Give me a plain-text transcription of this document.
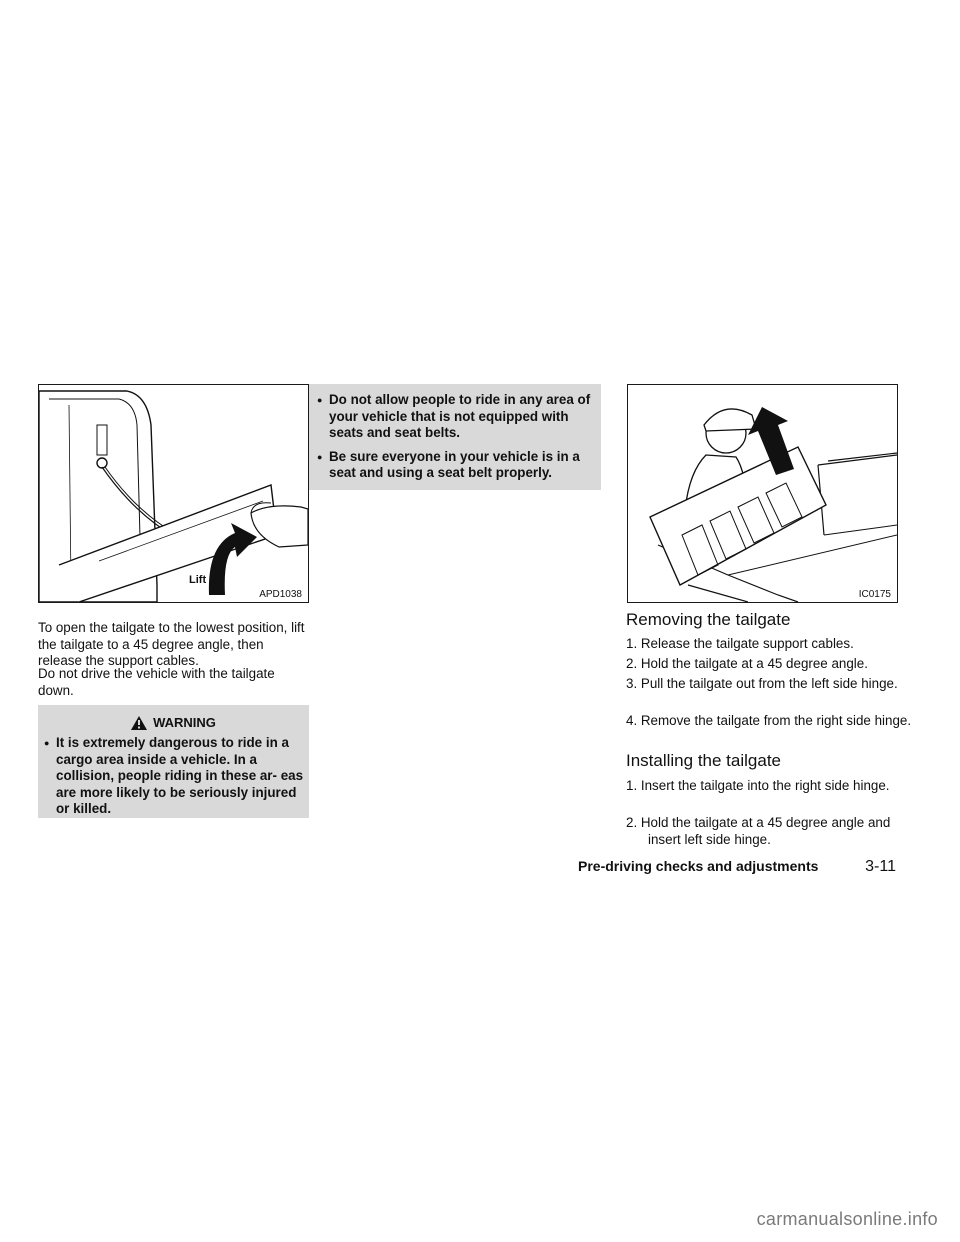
Lift up
APD1038

To open the tailgate to the lowest position, lift the tailgate to a 45 degree angle, then release the support cables.

Do not drive the vehicle with the tailgate down.

WARNING

● It is extremely dangerous to ride in a cargo area inside a vehicle. In a collision, people riding in these ar- eas are more likely to be seriously injured or killed.

● Do not allow people to ride in any area of your vehicle that is not equipped with seats and seat belts.

● Be sure everyone in your vehicle is in a seat and using a seat belt properly.

IC0175
Removing the tailgate

1. Release the tailgate support cables.

2. Hold the tailgate at a 45 degree angle.

3. Pull the tailgate out from the left side hinge.

4. Remove the tailgate from the right side hinge.

Installing the tailgate

1. Insert the tailgate into the right side hinge.

2. Hold the tailgate at a 45 degree angle and insert left side hinge.

Pre-driving checks and adjustments	3-11
carmanualsonline.info
